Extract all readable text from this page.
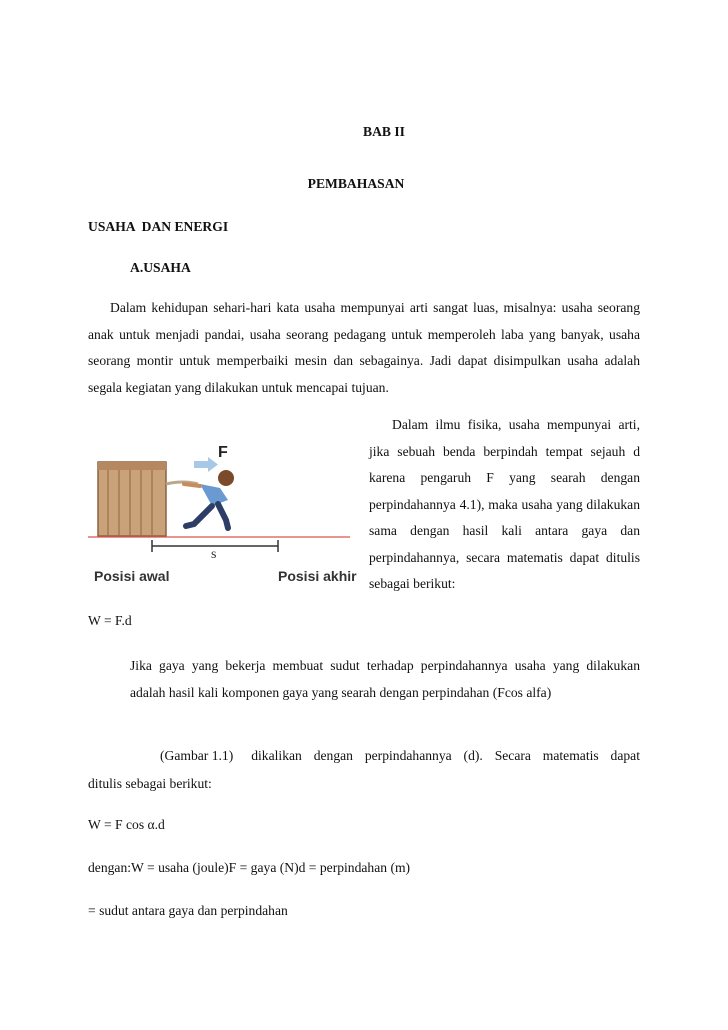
BAB II
PEMBAHASAN
USAHA  DAN ENERGI
A.USAHA
Dalam kehidupan sehari-hari kata usaha mempunyai arti sangat luas, misalnya: usaha seorang anak untuk menjadi pandai, usaha seorang pedagang untuk memperoleh laba yang banyak, usaha seorang montir untuk memperbaiki mesin dan sebagainya. Jadi dapat disimpulkan usaha adalah segala kegiatan yang dilakukan untuk mencapai tujuan.
F
s
Posisi awal	Posisi akhir
Dalam ilmu fisika, usaha mempunyai arti, jika sebuah benda berpindah tempat sejauh d karena pengaruh F yang searah dengan perpindahannya 4.1), maka usaha yang dilakukan sama dengan hasil kali antara gaya dan perpindahannya, secara matematis dapat ditulis sebagai berikut:
W = F.d
Jika gaya yang bekerja membuat sudut terhadap perpindahannya usaha yang dilakukan adalah hasil kali komponen gaya yang searah dengan perpindahan (Fcos alfa)
(Gambar 1.1) dikalikan dengan perpindahannya (d). Secara matematis dapat
ditulis sebagai berikut:
W = F cos α.d
dengan:W = usaha (joule)F = gaya (N)d = perpindahan (m)
= sudut antara gaya dan perpindahan
